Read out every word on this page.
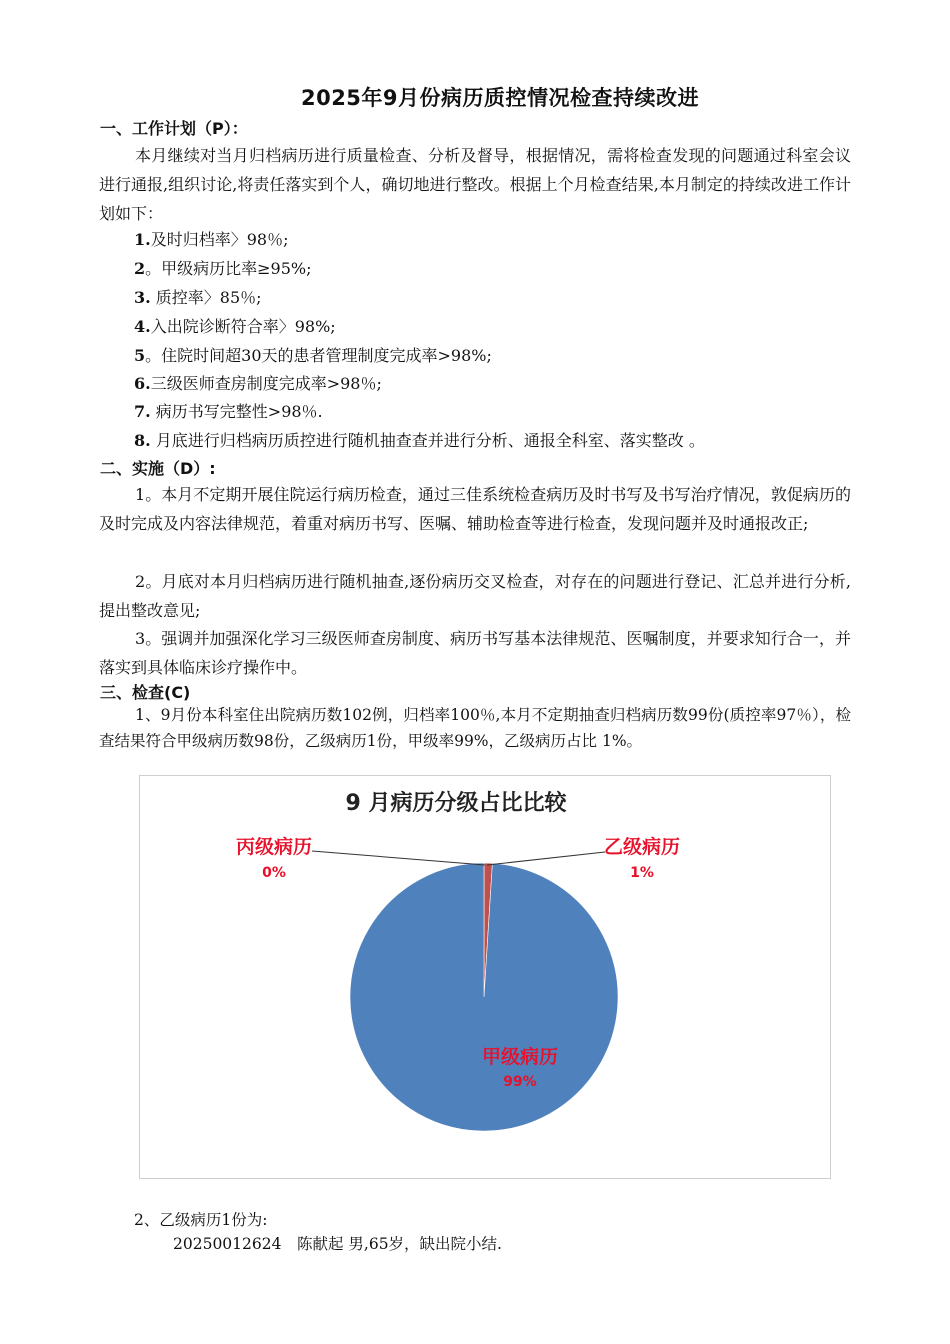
2025年9月份病历质控情况检查持续改进
一、工作计划（P）：
本月继续对当月归档病历进行质量检查、分析及督导，根据情况，需将检查发现的问题通过科室会议进行通报,组织讨论,将责任落实到个人，确切地进行整改。根据上个月检查结果,本月制定的持续改进工作计划如下：
1.及时归档率〉98％;
2。甲级病历比率≥95%;
3. 质控率〉85％;
4.入出院诊断符合率〉98%;
5。住院时间超30天的患者管理制度完成率>98%;
6.三级医师查房制度完成率>98％;
7. 病历书写完整性>98％.
8. 月底进行归档病历质控进行随机抽查查并进行分析、通报全科室、落实整改 。
二、实施（D）:
1。本月不定期开展住院运行病历检查，通过三佳系统检查病历及时书写及书写治疗情况，敦促病历的及时完成及内容法律规范，着重对病历书写、医嘱、辅助检查等进行检查，发现问题并及时通报改正;
2。月底对本月归档病历进行随机抽查,逐份病历交叉检查，对存在的问题进行登记、汇总并进行分析,提出整改意见;
3。强调并加强深化学习三级医师查房制度、病历书写基本法律规范、医嘱制度，并要求知行合一，并落实到具体临床诊疗操作中。
三、检查(C)
1、9月份本科室住出院病历数102例，归档率100％,本月不定期抽查归档病历数99份(质控率97％），检查结果符合甲级病历数98份，乙级病历1份，甲级率99%，乙级病历占比 1%。
9 月病历分级占比比较
乙级病历
1%
丙级病历
0%
甲级病历
99%
2、乙级病历1份为:
20250012624　陈献起 男,65岁，缺出院小结.
